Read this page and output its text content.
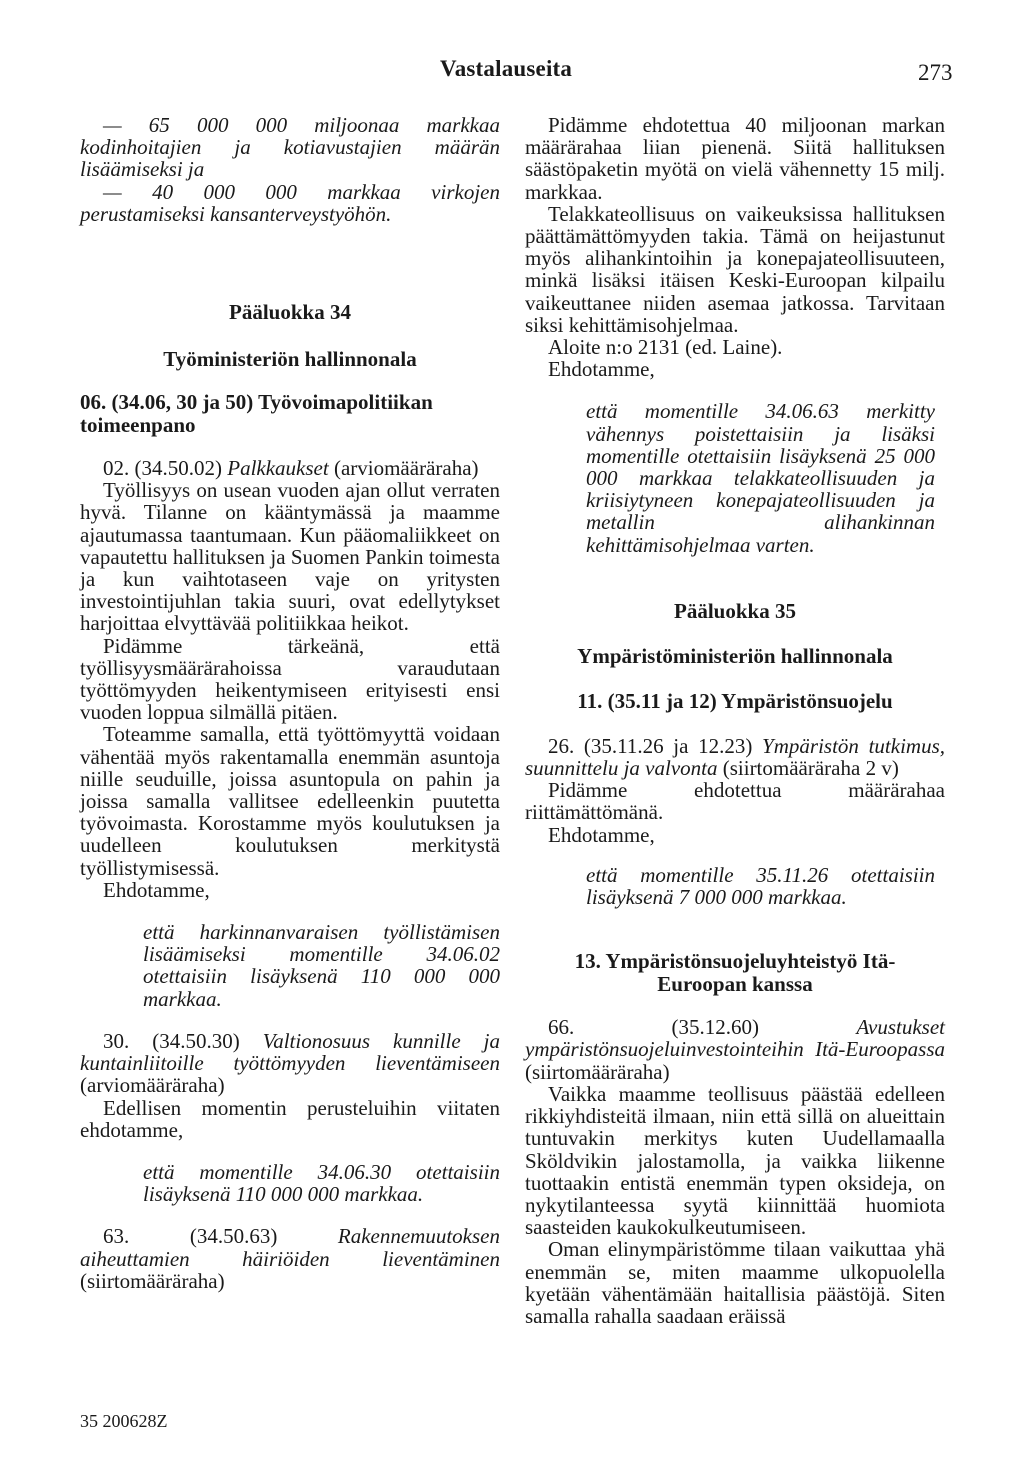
Vastalauseita	273

— 65 000 000 miljoonaa markkaa kodinhoitajien ja kotiavustajien määrän lisäämiseksi ja

— 40 000 000 markkaa virkojen perustamiseksi kansanterveystyöhön.

Pääluokka 34

Työministeriön hallinnonala

06. (34.06, 30 ja 50) Työvoimapolitiikan toimeenpano

02. (34.50.02) Palkkaukset (arviomääräraha)

Työllisyys on usean vuoden ajan ollut verraten hyvä. Tilanne on kääntymässä ja maamme ajautumassa taantumaan. Kun pääomaliikkeet on vapautettu hallituksen ja Suomen Pankin toimesta ja kun vaihtotaseen vaje on yritysten investointijuhlan takia suuri, ovat edellytykset harjoittaa elvyttävää politiikkaa heikot.

Pidämme tärkeänä, että työllisyysmäärärahoissa varaudutaan työttömyyden heikentymiseen erityisesti ensi vuoden loppua silmällä pitäen.

Toteamme samalla, että työttömyyttä voidaan vähentää myös rakentamalla enemmän asuntoja niille seuduille, joissa asuntopula on pahin ja joissa samalla vallitsee edelleenkin puutetta työvoimasta. Korostamme myös koulutuksen ja uudelleen koulutuksen merkitystä työllistymisessä.

Ehdotamme,

että harkinnanvaraisen työllistämisen lisäämiseksi momentille 34.06.02 otettaisiin lisäyksenä 110 000 000 markkaa.

30. (34.50.30) Valtionosuus kunnille ja kuntainliitoille työttömyyden lieventämiseen (arviomääräraha)

Edellisen momentin perusteluihin viitaten ehdotamme,

että momentille 34.06.30 otettaisiin lisäyksenä 110 000 000 markkaa.

63. (34.50.63)	Rakennemuutoksen aiheuttamien häiriöiden lieventäminen (siirtomääräraha)

Pidämme ehdotettua 40 miljoonan markan määrärahaa liian pienenä. Siitä hallituksen säästöpaketin myötä on vielä vähennetty 15 milj. markkaa.

Telakkateollisuus on vaikeuksissa hallituksen päättämättömyyden takia. Tämä on heijastunut myös alihankintoihin ja konepajateollisuuteen, minkä lisäksi itäisen Keski-Euroopan kilpailu vaikeuttanee niiden asemaa jatkossa. Tarvitaan siksi kehittämisohjelmaa.

Aloite n:o 2131 (ed. Laine).

Ehdotamme,

että momentille 34.06.63 merkitty vähennys poistettaisiin ja lisäksi momentille otettaisiin lisäyksenä 25 000 000 markkaa telakkateollisuuden ja kriisiytyneen konepajateollisuuden ja metallin alihankinnan kehittämisohjelmaa varten.

Pääluokka 35

Ympäristöministeriön hallinnonala

11. (35.11 ja 12) Ympäristönsuojelu

26. (35.11.26 ja 12.23) Ympäristön tutkimus, suunnittelu ja valvonta (siirtomääräraha 2 v)

Pidämme ehdotettua määrärahaa riittämättömänä.

Ehdotamme,

että momentille 35.11.26 otettaisiin lisäyksenä 7 000 000 markkaa.

13. Ympäristönsuojeluyhteistyö Itä-Euroopan kanssa

66. (35.12.60)	Avustukset ympäristönsuojeluinvestointeihin Itä-Euroopassa (siirtomääräraha)

Vaikka maamme teollisuus päästää edelleen rikkiyhdisteitä ilmaan, niin että sillä on alueittain tuntuvakin merkitys kuten Uudellamaalla Sköldvikin jalostamolla, ja vaikka liikenne tuottaakin entistä enemmän typen oksideja, on nykytilanteessa syytä kiinnittää huomiota saasteiden kaukokulkeutumiseen.

Oman elinympäristömme tilaan vaikuttaa yhä enemmän se, miten maamme ulkopuolella kyetään vähentämään haitallisia päästöjä. Siten samalla rahalla saadaan eräissä

35 200628Z
